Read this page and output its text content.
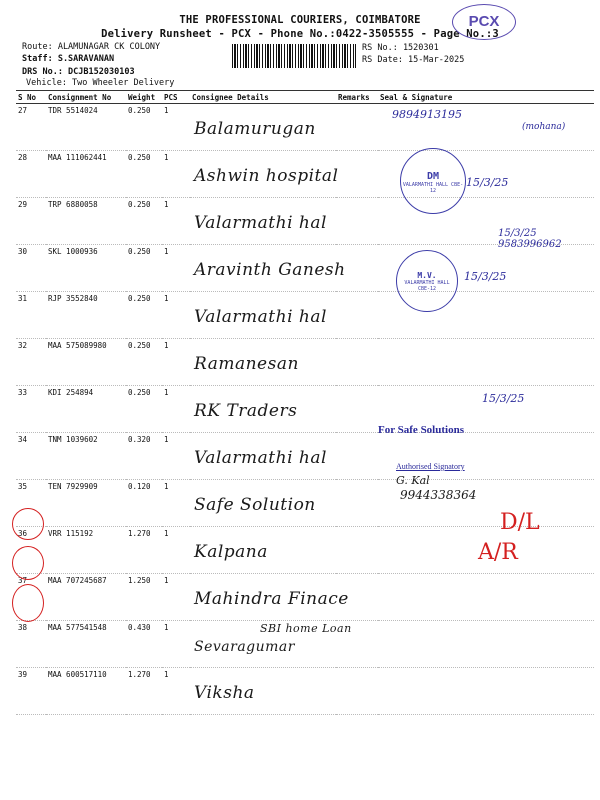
THE PROFESSIONAL COURIERS, COIMBATORE
Delivery Runsheet - PCX - Phone No.:0422-3505555 - Page No.:3
PCX
Route: ALAMUNAGAR CK COLONY
Staff: S.SARAVANAN
DRS No.: DCJB152030103
Vehicle: Two Wheeler Delivery
RS No.: 1520301
RS Date: 15-Mar-2025
S No	Consignment No	Weight	PCS	Consignee Details	Remarks	Seal & Signature
27	TDR 5514024	0.250	1	Balamurugan		

28	MAA 111062441	0.250	1	Ashwin hospital		

29	TRP 6880058	0.250	1	Valarmathi hal		

30	SKL 1000936	0.250	1	Aravinth Ganesh		

31	RJP 3552840	0.250	1	Valarmathi hal		

32	MAA 575089980	0.250	1	Ramanesan		

33	KDI 254894	0.250	1	RK Traders		

34	TNM 1039602	0.320	1	Valarmathi hal		

35	TEN 7929909	0.120	1	Safe Solution		

36	VRR 115192	1.270	1	Kalpana		

37	MAA 707245687	1.250	1	Mahindra Finace		

38	MAA 577541548	0.430	1	Sevaragumar
SBI home Loan		

39	MAA 600517110	1.270	1	Viksha		

9894913195
(mohana)
DM
VALARMATHI HALL CBE-12
15/3/25
15/3/25 9583996962
M.V.
VALARMATHI HALL CBE-12
15/3/25
15/3/25
For Safe Solutions
Authorised Signatory
G. Kal
9944338364
D/L
A/R
